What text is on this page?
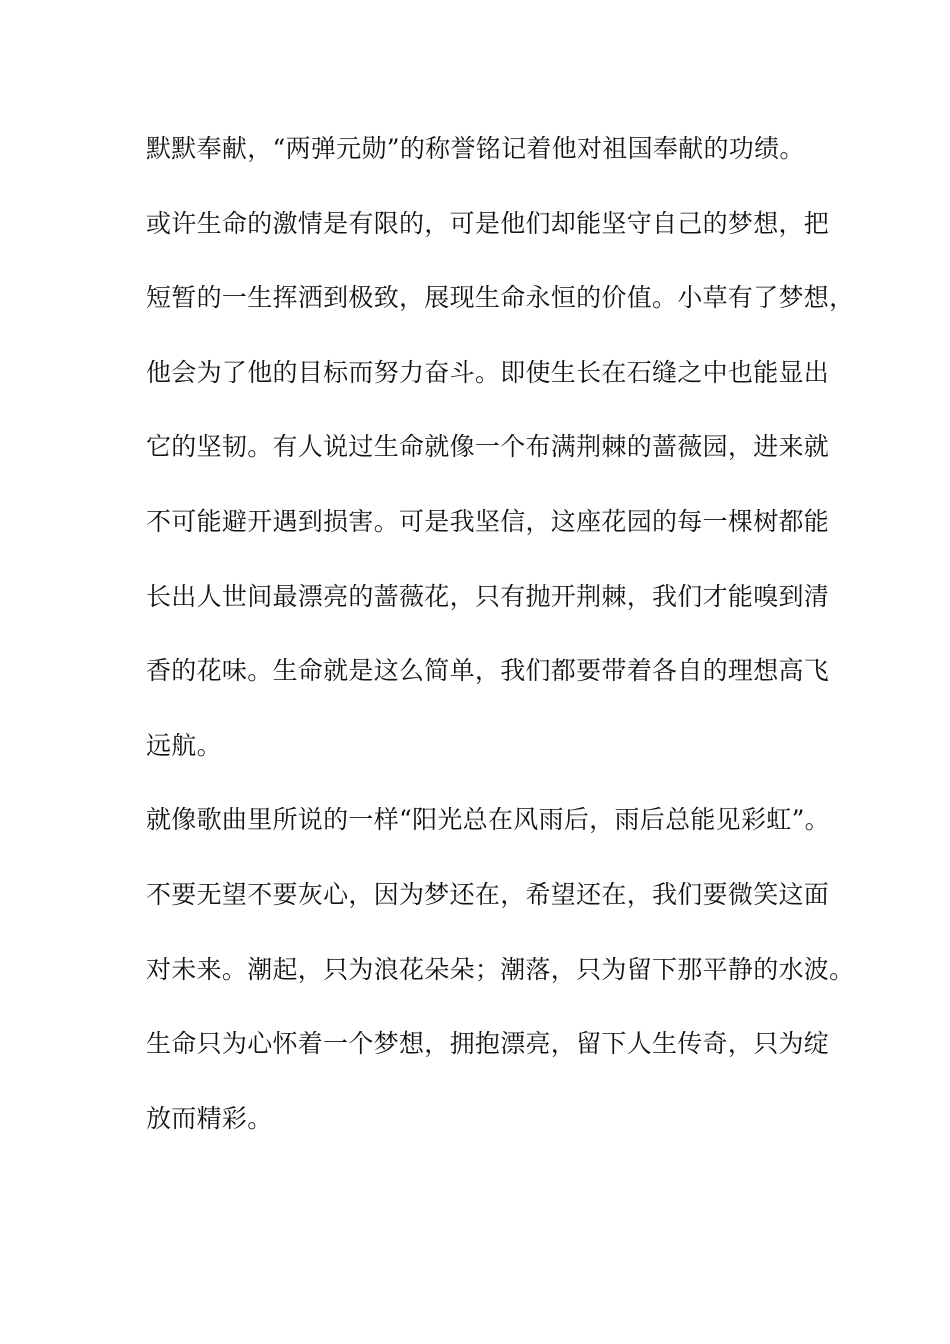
默默奉献，“两弹元勋”的称誉铭记着他对祖国奉献的功绩。
或许生命的激情是有限的，可是他们却能坚守自己的梦想，把
短暂的一生挥洒到极致，展现生命永恒的价值。小草有了梦想，
他会为了他的目标而努力奋斗。即使生长在石缝之中也能显出
它的坚韧。有人说过生命就像一个布满荆棘的蔷薇园，进来就
不可能避开遇到损害。可是我坚信，这座花园的每一棵树都能
长出人世间最漂亮的蔷薇花，只有抛开荆棘，我们才能嗅到清
香的花味。生命就是这么简单，我们都要带着各自的理想高飞
远航。
就像歌曲里所说的一样“阳光总在风雨后，雨后总能见彩虹”。
不要无望不要灰心，因为梦还在，希望还在，我们要微笑这面
对未来。潮起，只为浪花朵朵；潮落，只为留下那平静的水波。
生命只为心怀着一个梦想，拥抱漂亮，留下人生传奇，只为绽
放而精彩。
